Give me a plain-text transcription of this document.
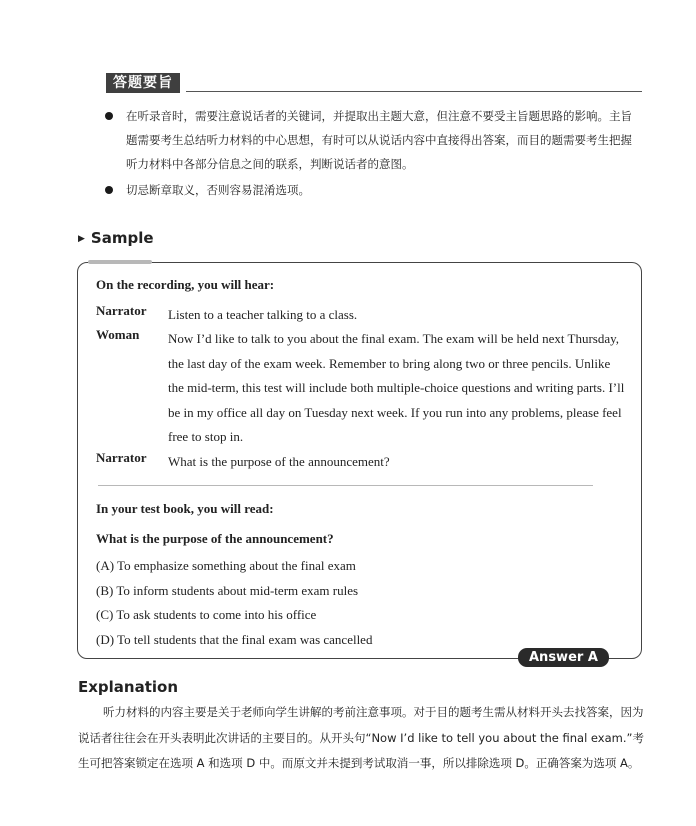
答题要旨
在听录音时，需要注意说话者的关键词，并提取出主题大意，但注意不要受主旨题思路的影响。主旨题需要考生总结听力材料的中心思想，有时可以从说话内容中直接得出答案，而目的题需要考生把握听力材料中各部分信息之间的联系，判断说话者的意图。
切忌断章取义，否则容易混淆选项。
▶ Sample
On the recording, you will hear:
Narrator Listen to a teacher talking to a class.
Woman Now I’d like to talk to you about the final exam. The exam will be held next Thursday, the last day of the exam week. Remember to bring along two or three pencils. Unlike the mid-term, this test will include both multiple-choice questions and writing parts. I’ll be in my office all day on Tuesday next week. If you run into any problems, please feel free to stop in.
Narrator What is the purpose of the announcement?
In your test book, you will read:
What is the purpose of the announcement?
(A) To emphasize something about the final exam
(B) To inform students about mid-term exam rules
(C) To ask students to come into his office
(D) To tell students that the final exam was cancelled
Answer A
Explanation

听力材料的内容主要是关于老师向学生讲解的考前注意事项。对于目的题考生需从材料开头去找答案，因为说话者往往会在开头表明此次讲话的主要目的。从开头句“Now I’d like to tell you about the final exam.”考生可把答案锁定在选项 A 和选项 D 中。而原文并未提到考试取消一事，所以排除选项 D。正确答案为选项 A。
